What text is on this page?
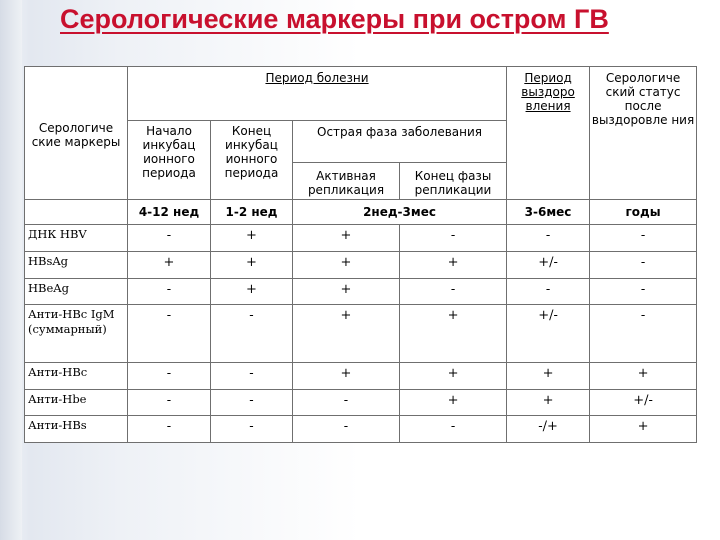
Серологические маркеры при остром ГВ
Серологиче ские маркеры	Период болезни				Период выздоро вления	Серологиче ский статус после выздоровле ния
	Начало инкубац ионного периода	Конец инкубац ионного периода	Острая фаза заболевания			
			Активная репликация	Конец фазы репликации		
	4-12 нед	1-2 нед	2нед-3мес		3-6мес	годы
ДНК HBV	-	+	+	-	-	-
HBsAg	+	+	+	+	+/-	-
HBeAg	-	+	+	-	-	-
Анти-HBc IgM (суммарный)	-	-	+	+	+/-	-
Анти-HBc	-	-	+	+	+	+
Анти-Hbe	-	-	-	+	+	+/-
Анти-HBs	-	-	-	-	-/+	+
